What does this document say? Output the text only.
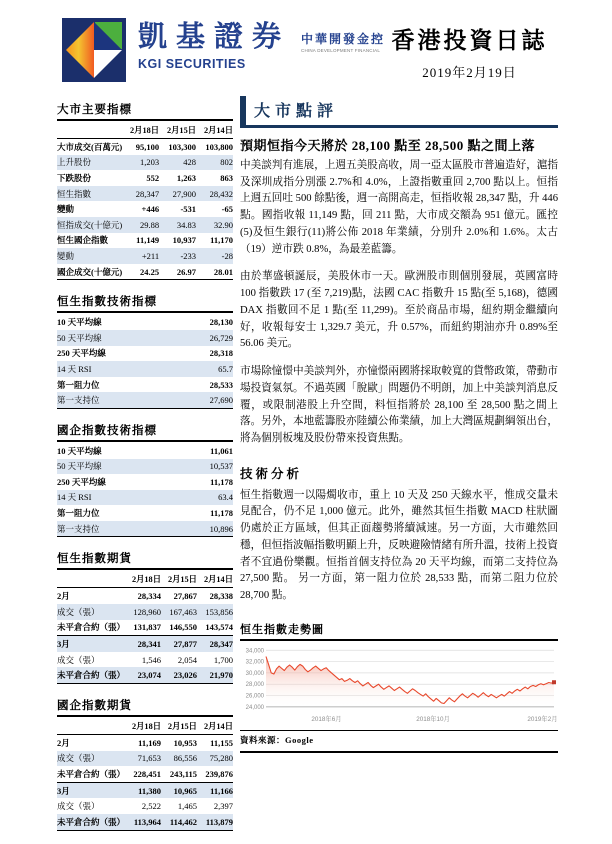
凱基證券
KGI SECURITIES
中華開發金控
CHINA DEVELOPMENT FINANCIAL 香港投資日誌
2019年2月19日
大市主要指標
	2月18日	2月15日	2月14日
大市成交(百萬元)	95,100	103,300	103,800
上升股份	1,203	428	802
下跌股份	552	1,263	863
恒生指數	28,347	27,900	28,432
變動	+446	-531	-65
恒指成交(十億元)	29.88	34.83	32.90
恒生國企指數	11,149	10,937	11,170
變動	+211	-233	-28
國企成交(十億元)	24.25	26.97	28.01
恒生指數技術指標
10 天平均線	28,130
50 天平均線	26,729
250 天平均線	28,318
14 天 RSI	65.7
第一阻力位	28,533
第一支持位	27,690
國企指數技術指標
10 天平均線	11,061
50 天平均線	10,537
250 天平均線	11,178
14 天 RSI	63.4
第一阻力位	11,178
第一支持位	10,896
恒生指數期貨
	2月18日	2月15日	2月14日
2月	28,334	27,867	28,338
成交（張）	128,960	167,463	153,856
未平倉合約（張）	131,837	146,550	143,574
3月	28,341	27,877	28,347
成交（張）	1,546	2,054	1,700
未平倉合約（張）	23,074	23,026	21,970
國企指數期貨
	2月18日	2月15日	2月14日
2月	11,169	10,953	11,155
成交（張）	71,653	86,556	75,280
未平倉合約（張）	228,451	243,115	239,876
3月	11,380	10,965	11,166
成交（張）	2,522	1,465	2,397
未平倉合約（張）	113,964	114,462	113,879
大市點評
預期恒指今天將於 28,100 點至 28,500 點之間上落

中美談判有進展，上週五美股高收，周一亞太區股市普遍造好，滬指及深圳成指分別漲 2.7%和 4.0%，上證指數重回 2,700 點以上。恒指上週五回吐 500 餘點後，週一高開高走，恒指收報 28,347 點，升 446 點。國指收報 11,149 點，回 211 點，大市成交額為 951 億元。匯控(5)及恒生銀行(11)將公佈 2018 年業績，分別升 2.0%和 1.6%。太古（19）逆市跌 0.8%，為最差藍籌。

由於華盛頓誕辰，美股休市一天。歐洲股市則個別發展，英國富時 100 指數跌 17 (至 7,219)點，法國 CAC 指數升 15 點(至 5,168)，德國 DAX 指數回不足 1 點(至 11,299)。至於商品市場，紐約期金繼續向好，收報每安士 1,329.7 美元，升 0.57%，而紐約期油亦升 0.89%至 56.06 美元。

市場除憧憬中美談判外，亦憧憬兩國將採取較寬的貨幣政策，帶動市場投資氣氛。不過英國「脫歐」問題仍不明朗，加上中美談判消息反覆，或限制港股上升空間，料恒指將於 28,100 至 28,500 點之間上落。另外，本地藍籌股亦陸續公佈業績，加上大灣區規劃綱領出台，將為個別板塊及股份帶來投資焦點。

技術分析

恒生指數週一以陽燭收市，重上 10 天及 250 天線水平，惟成交量未見配合，仍不足 1,000 億元。此外，雖然其恒生指數 MACD 柱狀圖仍處於正方區域，但其正面趨勢將續減速。另一方面，大市雖然回穩，但恒指波幅指數明顯上升，反映避險情緒有所升溫，技術上投資者不宜過份樂觀。恒指首個支持位為 20 天平均線，而第二支持位為 27,500 點。 另一方面，第一阻力位於 28,533 點，而第二阻力位於 28,700 點。

恒生指數走勢圖
24,000
26,000
28,000
30,000
32,000
34,000
2018年6月	2018年10月	2019年2月
資料來源：Google
